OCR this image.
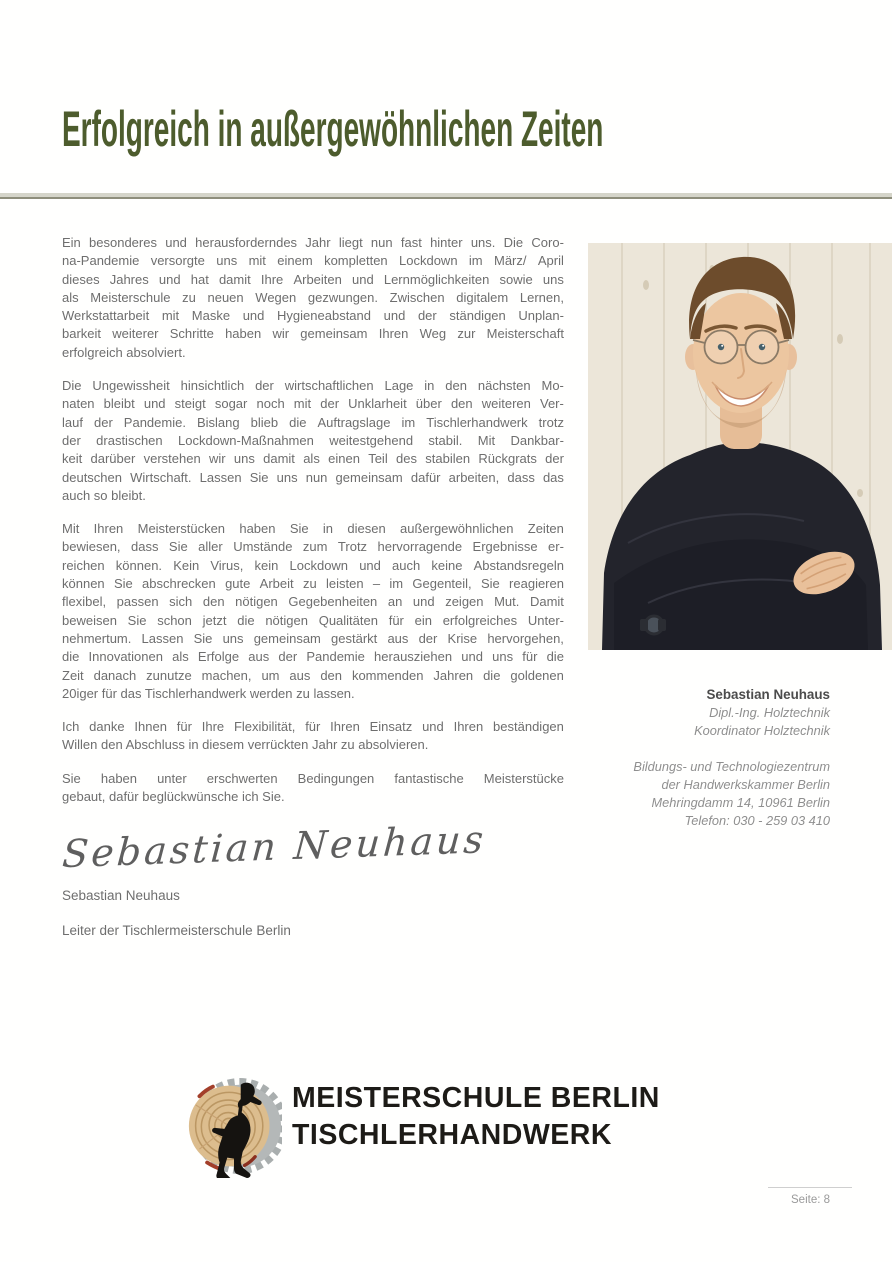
Erfolgreich in außergewöhnlichen Zeiten
Ein besonderes und herausforderndes Jahr liegt nun fast hinter uns. Die Coro-
na-Pandemie versorgte uns mit einem kompletten Lockdown im März/ April
dieses Jahres und hat damit Ihre Arbeiten und Lernmöglichkeiten sowie uns
als Meisterschule zu neuen Wegen gezwungen. Zwischen digitalem Lernen,
Werkstattarbeit mit Maske und Hygieneabstand und der ständigen Unplan-
barkeit weiterer Schritte haben wir gemeinsam Ihren Weg zur Meisterschaft
erfolgreich absolviert.
Die Ungewissheit hinsichtlich der wirtschaftlichen Lage in den nächsten Mo-
naten bleibt und steigt sogar noch mit der Unklarheit über den weiteren Ver-
lauf der Pandemie. Bislang blieb die Auftragslage im Tischlerhandwerk trotz
der drastischen Lockdown-Maßnahmen weitestgehend stabil. Mit Dankbar-
keit darüber verstehen wir uns damit als einen Teil des stabilen Rückgrats der
deutschen Wirtschaft. Lassen Sie uns nun gemeinsam dafür arbeiten, dass das
auch so bleibt.
Mit Ihren Meisterstücken haben Sie in diesen außergewöhnlichen Zeiten
bewiesen, dass Sie aller Umstände zum Trotz hervorragende Ergebnisse er-
reichen können. Kein Virus, kein Lockdown und auch keine Abstandsregeln
können Sie abschrecken gute Arbeit zu leisten – im Gegenteil, Sie reagieren
flexibel, passen sich den nötigen Gegebenheiten an und zeigen Mut. Damit
beweisen Sie schon jetzt die nötigen Qualitäten für ein erfolgreiches Unter-
nehmertum. Lassen Sie uns gemeinsam gestärkt aus der Krise hervorgehen,
die Innovationen als Erfolge aus der Pandemie herausziehen und uns für die
Zeit danach zunutze machen, um aus den kommenden Jahren die goldenen
20iger für das Tischlerhandwerk werden zu lassen.
Ich danke Ihnen für Ihre Flexibilität, für Ihren Einsatz und Ihren beständigen
Willen den Abschluss in diesem verrückten Jahr zu absolvieren.
Sie haben unter erschwerten Bedingungen fantastische Meisterstücke
gebaut, dafür beglückwünsche ich Sie.
Sebastian Neuhaus
Sebastian Neuhaus
Leiter der Tischlermeisterschule Berlin
Sebastian Neuhaus
Dipl.-Ing. Holztechnik
Koordinator Holztechnik
Bildungs- und Technologiezentrum
der Handwerkskammer Berlin
Mehringdamm 14, 10961 Berlin
Telefon: 030 - 259 03 410
MEISTERSCHULE BERLIN
TISCHLERHANDWERK
Seite: 8
